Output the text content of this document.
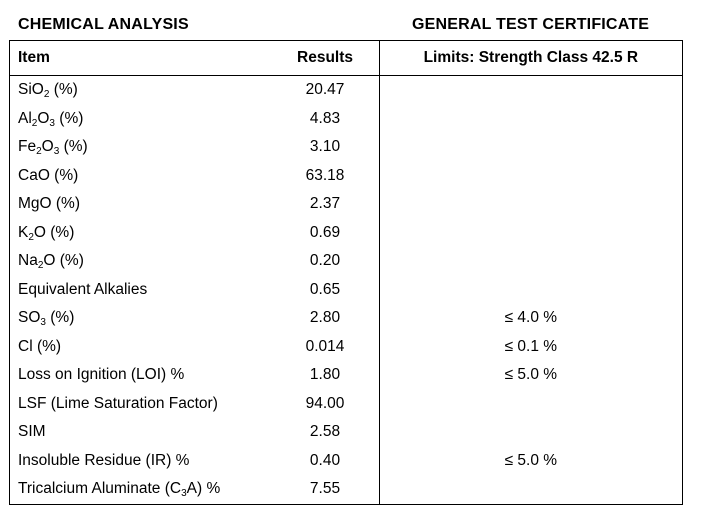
CHEMICAL ANALYSIS	GENERAL TEST CERTIFICATE
Item	Results	Limits: Strength Class 42.5 R
SiO$_2$ (%)	20.47	
$Al_2O_3$ (%)	4.83	
$Fe_2O_3$ (%)	3.10	
CaO (%)	63.18	
MgO (%)	2.37	
$K_2O$ (%)	0.69	
$Na_2O$ (%)	0.20	
Equivalent Alkalies	0.65	
$SO_3$ (%)	2.80	≤ 4.0 %
Cl (%)	0.014	≤ 0.1 %
Loss on Ignition (LOI) %	1.80	≤ 5.0 %
LSF (Lime Saturation Factor)	94.00	
SIM	2.58	
Insoluble Residue (IR) %	0.40	≤ 5.0 %
Tricalcium Aluminate $(C_3A)$ %	7.55	
